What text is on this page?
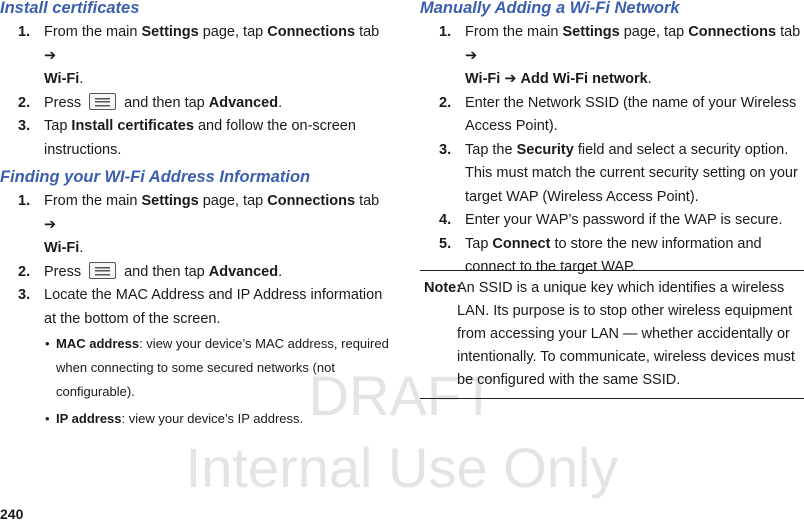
DRAFT
Internal Use Only
Install certificates
1. From the main Settings page, tap Connections tab ➔
Wi-Fi.
2. Press  and then tap Advanced.
3. Tap Install certificates and follow the on-screen instructions.
Finding your WI-Fi Address Information
1. From the main Settings page, tap Connections tab ➔
Wi-Fi.
2. Press  and then tap Advanced.
3. Locate the MAC Address and IP Address information at the bottom of the screen.
• MAC address: view your device’s MAC address, required when connecting to some secured networks (not configurable).
• IP address: view your device’s IP address.
Manually Adding a Wi-Fi Network
1. From the main Settings page, tap Connections tab ➔
Wi-Fi ➔ Add Wi-Fi network.
2. Enter the Network SSID (the name of your Wireless Access Point).
3. Tap the Security field and select a security option. This must match the current security setting on your target WAP (Wireless Access Point).
4. Enter your WAP’s password if the WAP is secure.
5. Tap Connect to store the new information and connect to the target WAP.
Note:
An SSID is a unique key which identifies a wireless LAN. Its purpose is to stop other wireless equipment from accessing your LAN — whether accidentally or intentionally. To communicate, wireless devices must be configured with the same SSID.
240
